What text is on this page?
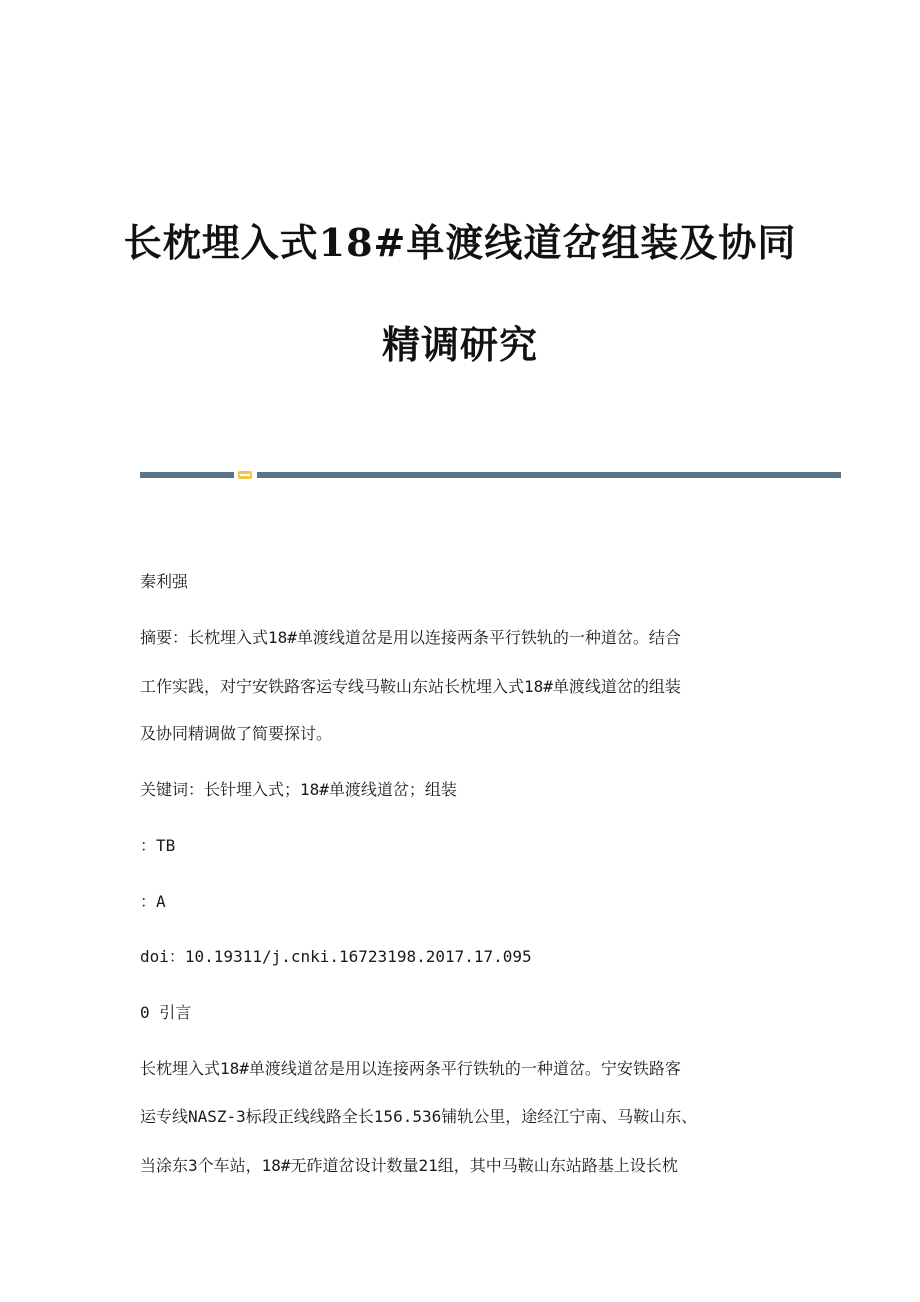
长枕埋入式18#单渡线道岔组装及协同
精调研究
秦利强
摘要：长枕埋入式18#单渡线道岔是用以连接两条平行铁轨的一种道岔。结合
工作实践，对宁安铁路客运专线马鞍山东站长枕埋入式18#单渡线道岔的组装
及协同精调做了简要探讨。
关键词：长针埋入式；18#单渡线道岔；组装
：TB
：A
doi：10.19311/j.cnki.16723198.2017.17.095
0 引言
长枕埋入式18#单渡线道岔是用以连接两条平行铁轨的一种道岔。宁安铁路客
运专线NASZ-3标段正线线路全长156.536铺轨公里，途经江宁南、马鞍山东、
当涂东3个车站，18#无砟道岔设计数量21组，其中马鞍山东站路基上设长枕
